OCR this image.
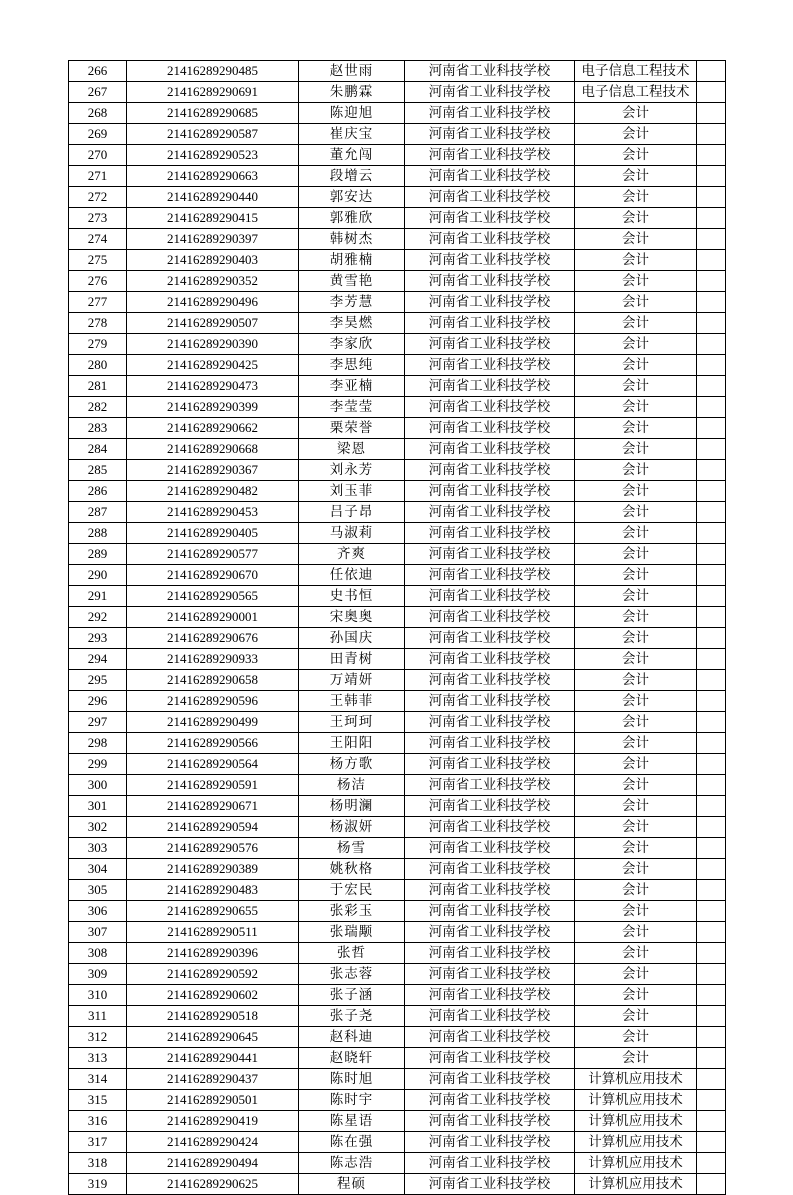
266	21416289290485	赵世雨	河南省工业科技学校	电子信息工程技术	
267	21416289290691	朱鹏霖	河南省工业科技学校	电子信息工程技术	
268	21416289290685	陈迎旭	河南省工业科技学校	会计	
269	21416289290587	崔庆宝	河南省工业科技学校	会计	
270	21416289290523	董允闯	河南省工业科技学校	会计	
271	21416289290663	段增云	河南省工业科技学校	会计	
272	21416289290440	郭安达	河南省工业科技学校	会计	
273	21416289290415	郭雅欣	河南省工业科技学校	会计	
274	21416289290397	韩树杰	河南省工业科技学校	会计	
275	21416289290403	胡雅楠	河南省工业科技学校	会计	
276	21416289290352	黄雪艳	河南省工业科技学校	会计	
277	21416289290496	李芳慧	河南省工业科技学校	会计	
278	21416289290507	李昊燃	河南省工业科技学校	会计	
279	21416289290390	李家欣	河南省工业科技学校	会计	
280	21416289290425	李思纯	河南省工业科技学校	会计	
281	21416289290473	李亚楠	河南省工业科技学校	会计	
282	21416289290399	李莹莹	河南省工业科技学校	会计	
283	21416289290662	栗荣誉	河南省工业科技学校	会计	
284	21416289290668	梁恩	河南省工业科技学校	会计	
285	21416289290367	刘永芳	河南省工业科技学校	会计	
286	21416289290482	刘玉菲	河南省工业科技学校	会计	
287	21416289290453	吕子昂	河南省工业科技学校	会计	
288	21416289290405	马淑莉	河南省工业科技学校	会计	
289	21416289290577	齐爽	河南省工业科技学校	会计	
290	21416289290670	任依迪	河南省工业科技学校	会计	
291	21416289290565	史书恒	河南省工业科技学校	会计	
292	21416289290001	宋奥奥	河南省工业科技学校	会计	
293	21416289290676	孙国庆	河南省工业科技学校	会计	
294	21416289290933	田青树	河南省工业科技学校	会计	
295	21416289290658	万靖妍	河南省工业科技学校	会计	
296	21416289290596	王韩菲	河南省工业科技学校	会计	
297	21416289290499	王珂珂	河南省工业科技学校	会计	
298	21416289290566	王阳阳	河南省工业科技学校	会计	
299	21416289290564	杨方歌	河南省工业科技学校	会计	
300	21416289290591	杨洁	河南省工业科技学校	会计	
301	21416289290671	杨明澜	河南省工业科技学校	会计	
302	21416289290594	杨淑妍	河南省工业科技学校	会计	
303	21416289290576	杨雪	河南省工业科技学校	会计	
304	21416289290389	姚秋格	河南省工业科技学校	会计	
305	21416289290483	于宏民	河南省工业科技学校	会计	
306	21416289290655	张彩玉	河南省工业科技学校	会计	
307	21416289290511	张瑞颙	河南省工业科技学校	会计	
308	21416289290396	张哲	河南省工业科技学校	会计	
309	21416289290592	张志蓉	河南省工业科技学校	会计	
310	21416289290602	张子涵	河南省工业科技学校	会计	
311	21416289290518	张子尧	河南省工业科技学校	会计	
312	21416289290645	赵科迪	河南省工业科技学校	会计	
313	21416289290441	赵晓轩	河南省工业科技学校	会计	
314	21416289290437	陈时旭	河南省工业科技学校	计算机应用技术	
315	21416289290501	陈时宇	河南省工业科技学校	计算机应用技术	
316	21416289290419	陈星语	河南省工业科技学校	计算机应用技术	
317	21416289290424	陈在强	河南省工业科技学校	计算机应用技术	
318	21416289290494	陈志浩	河南省工业科技学校	计算机应用技术	
319	21416289290625	程硕	河南省工业科技学校	计算机应用技术	
